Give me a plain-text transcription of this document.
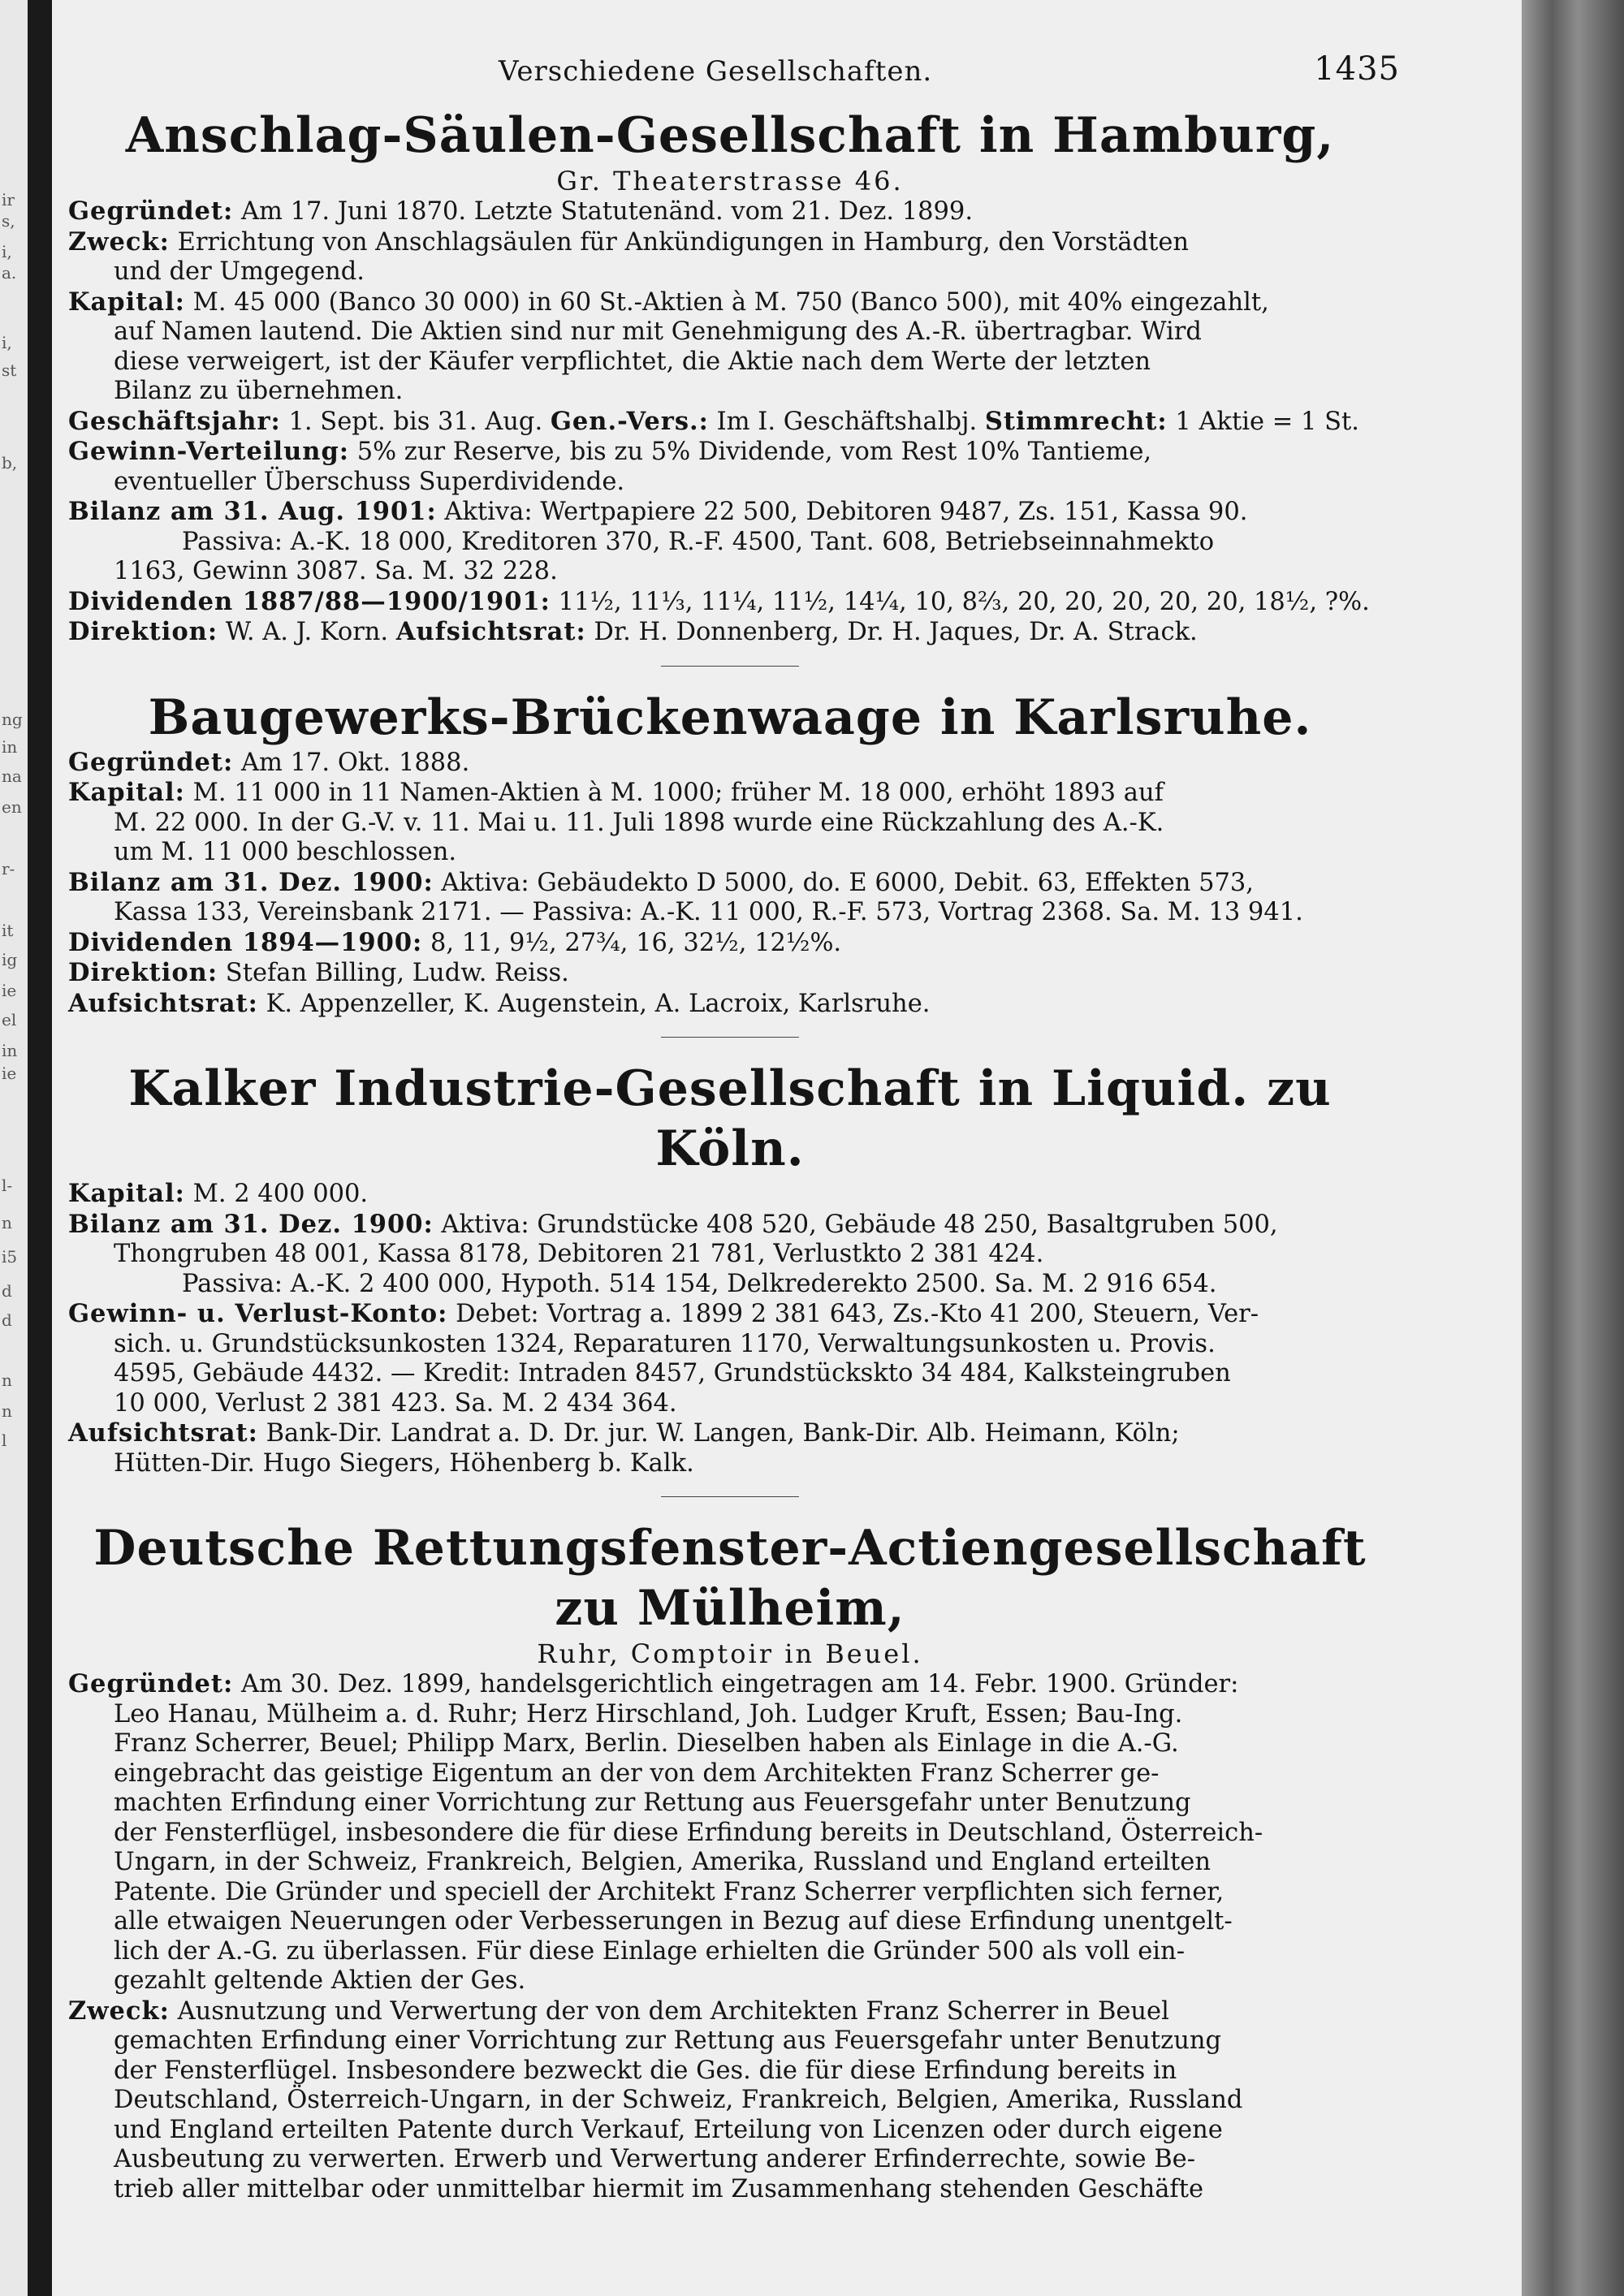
ir
s,
i,
a.
i,
st
b,
ng
in
na
en
r-
it
ig
ie
el
in
ie
l-
n
i5
d
d
n
n
l
Verschiedene Gesellschaften.	1435
Anschlag-Säulen-Gesellschaft in Hamburg,
Gr. Theaterstrasse 46.

Gegründet: Am 17. Juni 1870. Letzte Statutenänd. vom 21. Dez. 1899.

Zweck: Errichtung von Anschlagsäulen für Ankündigungen in Hamburg, den Vorstädten

und der Umgegend.

Kapital: M. 45 000 (Banco 30 000) in 60 St.-Aktien à M. 750 (Banco 500), mit 40% eingezahlt,

auf Namen lautend. Die Aktien sind nur mit Genehmigung des A.-R. übertragbar. Wird

diese verweigert, ist der Käufer verpflichtet, die Aktie nach dem Werte der letzten

Bilanz zu übernehmen.

Geschäftsjahr: 1. Sept. bis 31. Aug. Gen.-Vers.: Im I. Geschäftshalbj. Stimmrecht: 1 Aktie = 1 St.

Gewinn-Verteilung: 5% zur Reserve, bis zu 5% Dividende, vom Rest 10% Tantieme,

eventueller Überschuss Superdividende.

Bilanz am 31. Aug. 1901: Aktiva: Wertpapiere 22 500, Debitoren 9487, Zs. 151, Kassa 90.

Passiva: A.-K. 18 000, Kreditoren 370, R.-F. 4500, Tant. 608, Betriebseinnahmekto

1163, Gewinn 3087. Sa. M. 32 228.

Dividenden 1887/88—1900/1901: 11½, 11⅓, 11¼, 11½, 14¼, 10, 8⅔, 20, 20, 20, 20, 20, 18½, ?%.

Direktion: W. A. J. Korn. Aufsichtsrat: Dr. H. Donnenberg, Dr. H. Jaques, Dr. A. Strack.

Baugewerks-Brückenwaage in Karlsruhe.

Gegründet: Am 17. Okt. 1888.

Kapital: M. 11 000 in 11 Namen-Aktien à M. 1000; früher M. 18 000, erhöht 1893 auf

M. 22 000. In der G.-V. v. 11. Mai u. 11. Juli 1898 wurde eine Rückzahlung des A.-K.

um M. 11 000 beschlossen.

Bilanz am 31. Dez. 1900: Aktiva: Gebäudekto D 5000, do. E 6000, Debit. 63, Effekten 573,

Kassa 133, Vereinsbank 2171. — Passiva: A.-K. 11 000, R.-F. 573, Vortrag 2368. Sa. M. 13 941.

Dividenden 1894—1900: 8, 11, 9½, 27¾, 16, 32½, 12½%.

Direktion: Stefan Billing, Ludw. Reiss.

Aufsichtsrat: K. Appenzeller, K. Augenstein, A. Lacroix, Karlsruhe.

Kalker Industrie-Gesellschaft in Liquid. zu Köln.

Kapital: M. 2 400 000.

Bilanz am 31. Dez. 1900: Aktiva: Grundstücke 408 520, Gebäude 48 250, Basaltgruben 500,

Thongruben 48 001, Kassa 8178, Debitoren 21 781, Verlustkto 2 381 424.

Passiva: A.-K. 2 400 000, Hypoth. 514 154, Delkrederekto 2500. Sa. M. 2 916 654.

Gewinn- u. Verlust-Konto: Debet: Vortrag a. 1899 2 381 643, Zs.-Kto 41 200, Steuern, Ver-

sich. u. Grundstücksunkosten 1324, Reparaturen 1170, Verwaltungsunkosten u. Provis.

4595, Gebäude 4432. — Kredit: Intraden 8457, Grundstückskto 34 484, Kalksteingruben

10 000, Verlust 2 381 423. Sa. M. 2 434 364.

Aufsichtsrat: Bank-Dir. Landrat a. D. Dr. jur. W. Langen, Bank-Dir. Alb. Heimann, Köln;

Hütten-Dir. Hugo Siegers, Höhenberg b. Kalk.

Deutsche Rettungsfenster-Actiengesellschaft zu Mülheim,
Ruhr, Comptoir in Beuel.

Gegründet: Am 30. Dez. 1899, handelsgerichtlich eingetragen am 14. Febr. 1900. Gründer:

Leo Hanau, Mülheim a. d. Ruhr; Herz Hirschland, Joh. Ludger Kruft, Essen; Bau-Ing.

Franz Scherrer, Beuel; Philipp Marx, Berlin. Dieselben haben als Einlage in die A.-G.

eingebracht das geistige Eigentum an der von dem Architekten Franz Scherrer ge-

machten Erfindung einer Vorrichtung zur Rettung aus Feuersgefahr unter Benutzung

der Fensterflügel, insbesondere die für diese Erfindung bereits in Deutschland, Österreich-

Ungarn, in der Schweiz, Frankreich, Belgien, Amerika, Russland und England erteilten

Patente. Die Gründer und speciell der Architekt Franz Scherrer verpflichten sich ferner,

alle etwaigen Neuerungen oder Verbesserungen in Bezug auf diese Erfindung unentgelt-

lich der A.-G. zu überlassen. Für diese Einlage erhielten die Gründer 500 als voll ein-

gezahlt geltende Aktien der Ges.

Zweck: Ausnutzung und Verwertung der von dem Architekten Franz Scherrer in Beuel

gemachten Erfindung einer Vorrichtung zur Rettung aus Feuersgefahr unter Benutzung

der Fensterflügel. Insbesondere bezweckt die Ges. die für diese Erfindung bereits in

Deutschland, Österreich-Ungarn, in der Schweiz, Frankreich, Belgien, Amerika, Russland

und England erteilten Patente durch Verkauf, Erteilung von Licenzen oder durch eigene

Ausbeutung zu verwerten. Erwerb und Verwertung anderer Erfinderrechte, sowie Be-

trieb aller mittelbar oder unmittelbar hiermit im Zusammenhang stehenden Geschäfte
